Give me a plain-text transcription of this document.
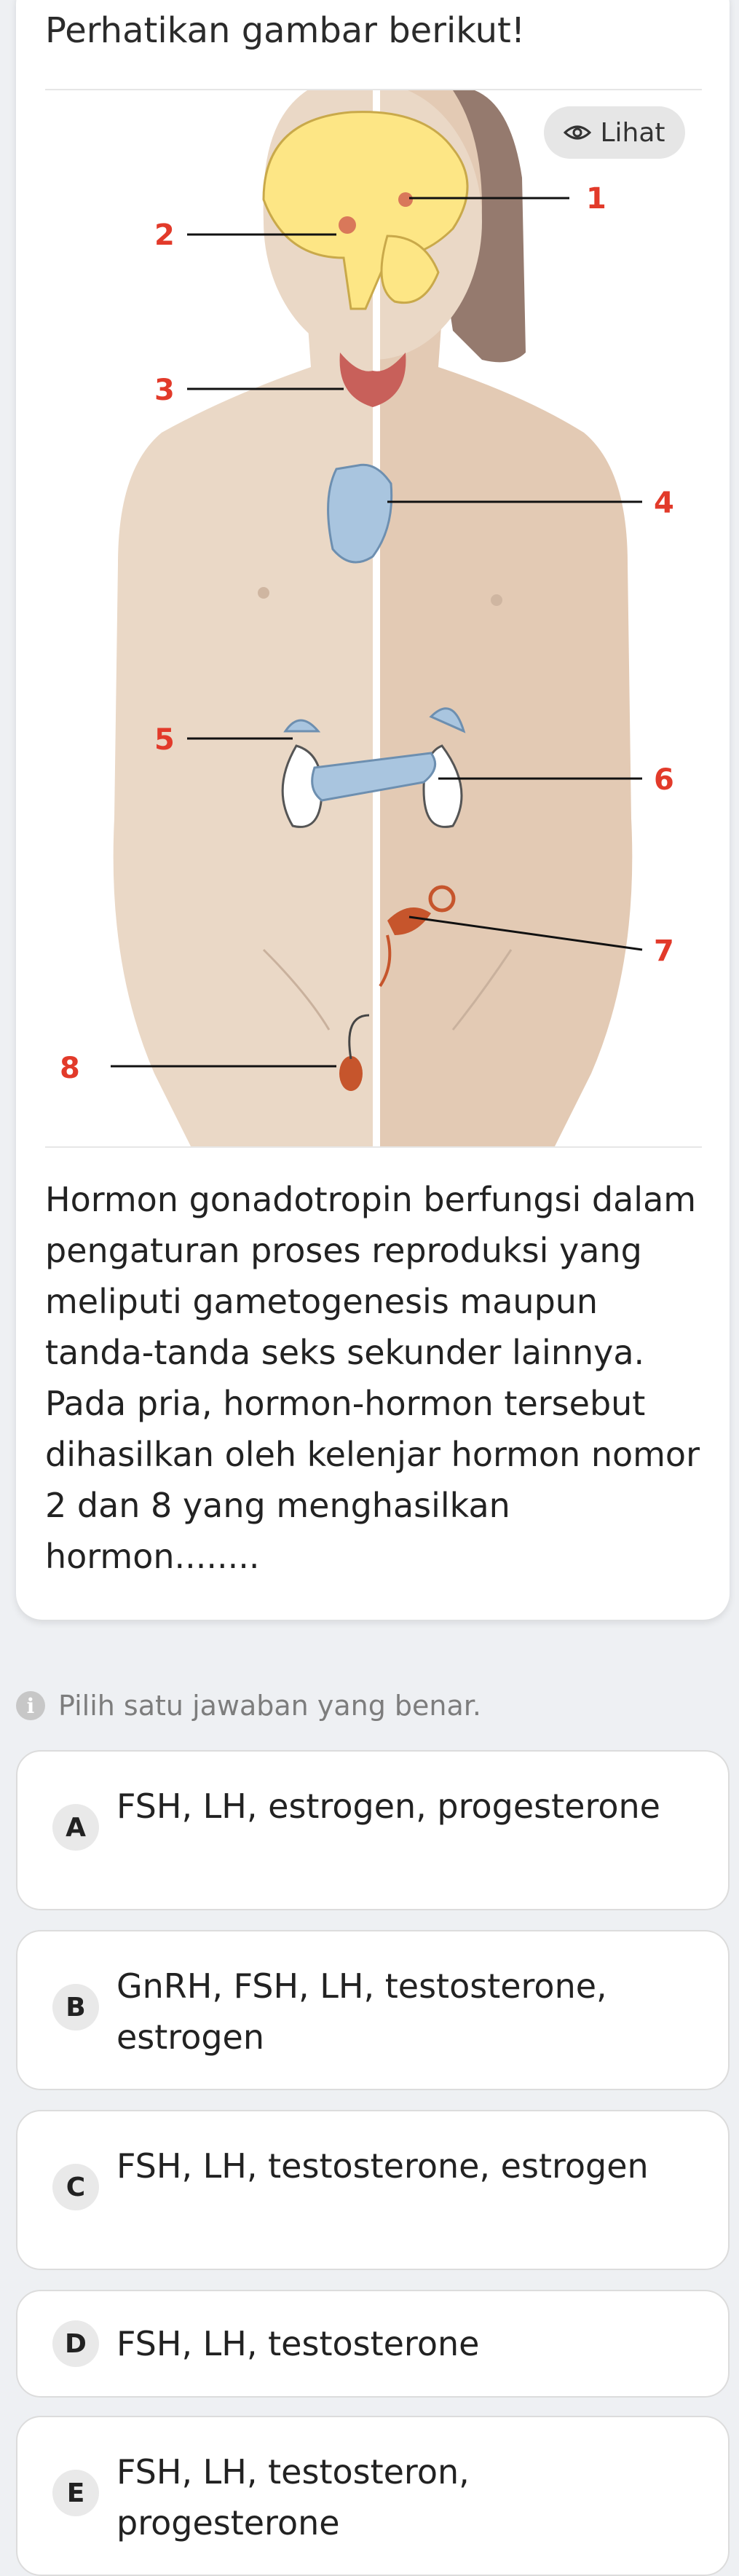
Perhatikan gambar berikut!
1
2
3
4
5
6
7
8
Lihat

Hormon gonadotropin berfungsi dalam pengaturan proses reproduksi yang meliputi gametogenesis maupun tanda-tanda seks sekunder lainnya. Pada pria, hormon-hormon tersebut dihasilkan oleh kelenjar hormon nomor 2 dan 8 yang menghasilkan hormon........

i Pilih satu jawaban yang benar.
A
FSH, LH, estrogen, progesterone
B
GnRH, FSH, LH, testosterone, estrogen
C
FSH, LH, testosterone, estrogen
D FSH, LH, testosterone
E
FSH, LH, testosteron, progesterone
